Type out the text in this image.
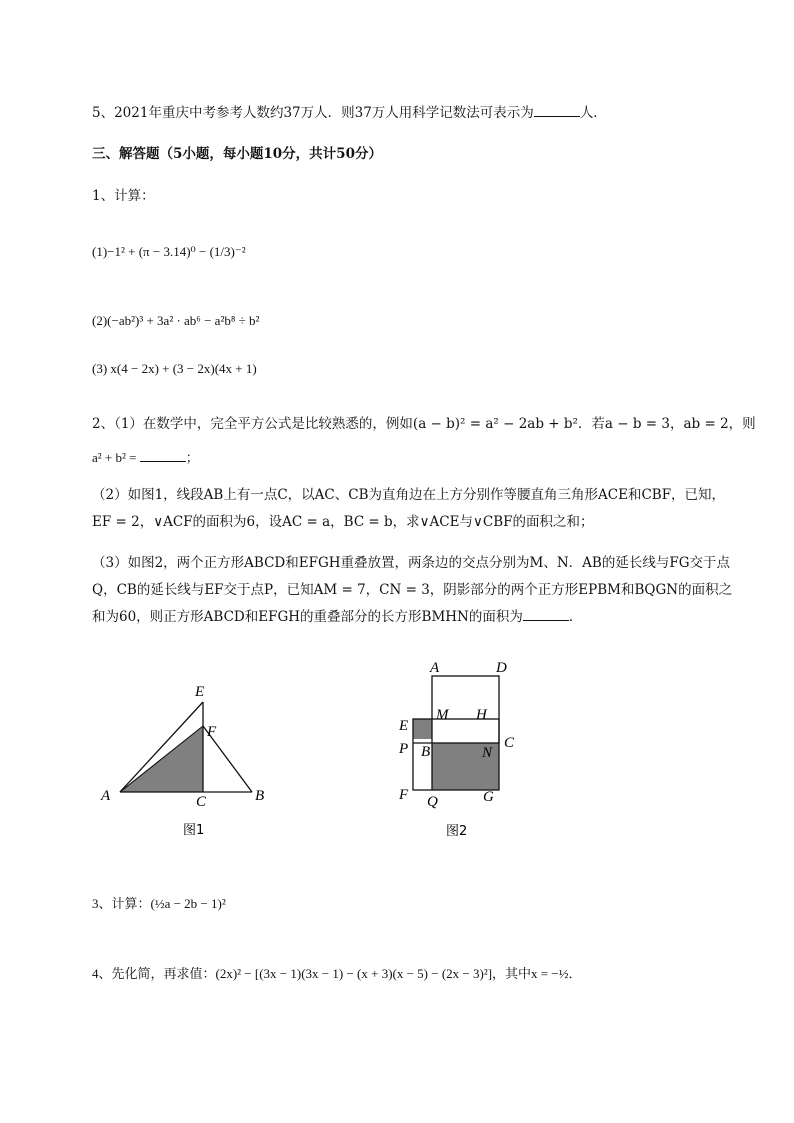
5、2021年重庆中考参考人数约37万人．则37万人用科学记数法可表示为	人．
三、解答题（5小题，每小题10分，共计50分）
1、计算：
(1)−1² + (π − 3.14)⁰ − (1/3)⁻²
(2)(−ab²)³ + 3a² · ab⁶ − a²b⁸ ÷ b²
(3) x(4 − 2x) + (3 − 2x)(4x + 1)
2、（1）在数学中，完全平方公式是比较熟悉的，例如(a − b)² = a² − 2ab + b²．若a − b = 3，ab = 2，则
a² + b² =	；
（2）如图1，线段AB上有一点C，以AC、CB为直角边在上方分别作等腰直角三角形ACE和CBF，已知，EF = 2，∨ACF的面积为6，设AC = a，BC = b，求∨ACE与∨CBF的面积之和；
（3）如图2，两个正方形ABCD和EFGH重叠放置，两条边的交点分别为M、N．AB的延长线与FG交于点Q，CB的延长线与EF交于点P，已知AM = 7，CN = 3，阴影部分的两个正方形EPBM和BQGN的面积之和为60，则正方形ABCD和EFGH的重叠部分的长方形BMHN的面积为	．
E
F
A	C	B
图1
A	D
E
M H
P B	N
C
F Q	G
图2
3、计算：(½a − 2b − 1)²
4、先化简，再求值：(2x)² − [(3x − 1)(3x − 1) − (x + 3)(x − 5) − (2x − 3)²]，其中x = −½．
